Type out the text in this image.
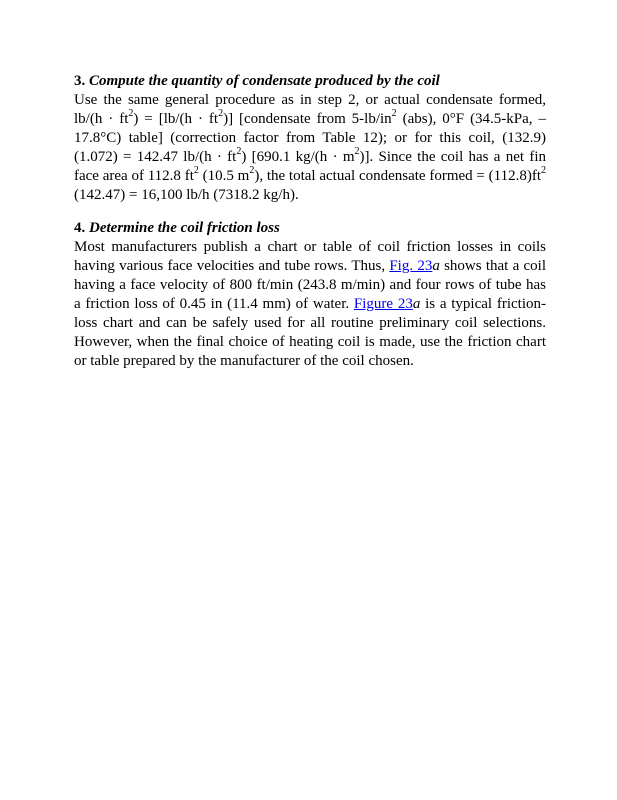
3. Compute the quantity of condensate produced by the coil

Use the same general procedure as in step 2, or actual condensate formed, $lb/(h \cdot ft^2) = [lb/(h \cdot ft^2)]$ [condensate from $5-lb/in^2$ (abs), 0°F (34.5-kPa, –17.8°C) table] (correction factor from Table 12); or for this coil, (132.9) (1.072) = 142.47 $lb/(h \cdot ft^2)$ [690.1 $kg/(h \cdot m^2)$]. Since the coil has a net fin face area of 112.8 $ft^2$ (10.5 $m^2$), the total actual condensate formed = $(112.8)ft^2$ (142.47) = 16,100 lb/h (7318.2 kg/h).

4. Determine the coil friction loss

Most manufacturers publish a chart or table of coil friction losses in coils having various face velocities and tube rows. Thus, Fig. 23a shows that a coil having a face velocity of 800 ft/min (243.8 m/min) and four rows of tube has a friction loss of 0.45 in (11.4 mm) of water. Figure 23a is a typical friction-loss chart and can be safely used for all routine preliminary coil selections. However, when the final choice of heating coil is made, use the friction chart or table prepared by the manufacturer of the coil chosen.
